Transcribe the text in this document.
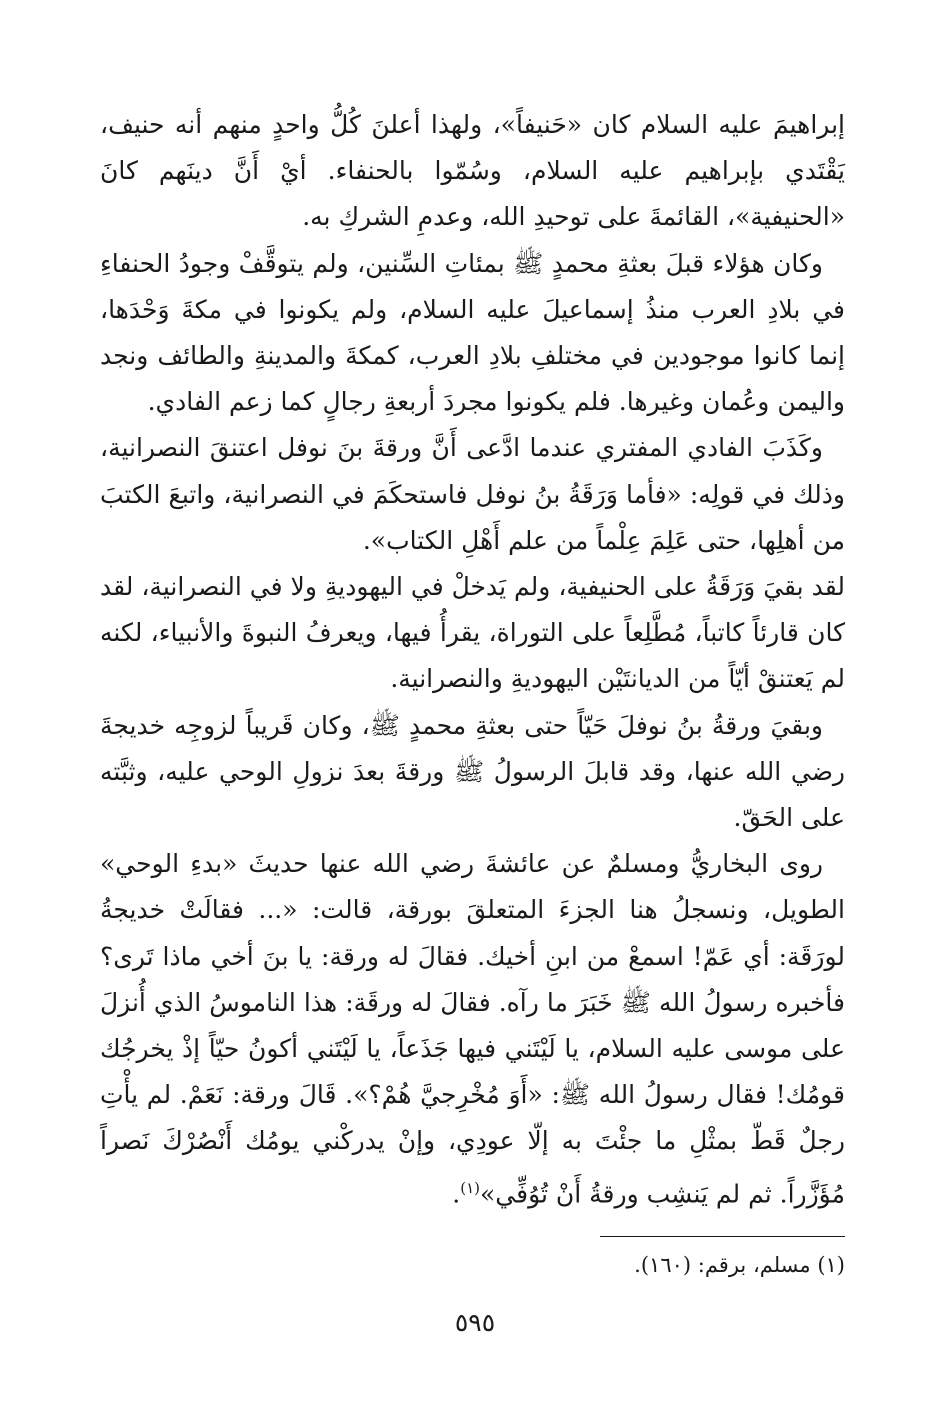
إبراهيمَ عليه السلام كان «حَنيفاً»، ولهذا أعلنَ كُلُّ واحدٍ منهم أنه حنيف، يَقْتَدي بإبراهيم عليه السلام، وسُمّوا بالحنفاء. أيْ أَنَّ دينَهم كانَ «الحنيفية»، القائمةَ على توحيدِ الله، وعدمِ الشركِ به.

وكان هؤلاء قبلَ بعثةِ محمدٍ ﷺ بمئاتِ السِّنين، ولم يتوقَّفْ وجودُ الحنفاءِ في بلادِ العرب منذُ إسماعيلَ عليه السلام، ولم يكونوا في مكةَ وَحْدَها، إنما كانوا موجودين في مختلفِ بلادِ العرب، كمكةَ والمدينةِ والطائف ونجد واليمن وعُمان وغيرها. فلم يكونوا مجردَ أربعةِ رجالٍ كما زعم الفادي.

وكَذَبَ الفادي المفتري عندما ادَّعى أَنَّ ورقةَ بنَ نوفل اعتنقَ النصرانية، وذلك في قولِه: «فأما وَرَقَةُ بنُ نوفل فاستحكَمَ في النصرانية، واتبعَ الكتبَ من أهلِها، حتى عَلِمَ عِلْماً من علم أَهْلِ الكتاب».

لقد بقيَ وَرَقَةُ على الحنيفية، ولم يَدخلْ في اليهوديةِ ولا في النصرانية، لقد كان قارئاً كاتباً، مُطَّلِعاً على التوراة، يقرأُ فيها، ويعرفُ النبوةَ والأنبياء، لكنه لم يَعتنقْ أيّاً من الديانتَيْن اليهوديةِ والنصرانية.

وبقيَ ورقةُ بنُ نوفلَ حَيّاً حتى بعثةِ محمدٍ ﷺ، وكان قَريباً لزوجِه خديجةَ رضي الله عنها، وقد قابلَ الرسولُ ﷺ ورقةَ بعدَ نزولِ الوحي عليه، وثبَّته على الحَقّ.

روى البخاريُّ ومسلمٌ عن عائشةَ رضي الله عنها حديثَ «بدءِ الوحي» الطويل، ونسجلُ هنا الجزءَ المتعلقَ بورقة، قالت: «... فقالَتْ خديجةُ لورَقَة: أي عَمّ! اسمعْ من ابنِ أخيك. فقالَ له ورقة: يا بنَ أخي ماذا تَرى؟ فأخبره رسولُ الله ﷺ خَبَرَ ما رآه. فقالَ له ورقَة: هذا الناموسُ الذي أُنزلَ على موسى عليه السلام، يا لَيْتَني فيها جَذَعاً، يا لَيْتَني أكونُ حيّاً إذْ يخرجُك قومُك! فقال رسولُ الله ﷺ: «أَوَ مُخْرِجيَّ هُمْ؟». قَالَ ورقة: نَعَمْ. لم يأْتِ رجلٌ قَطّ بمثْلِ ما جئْتَ به إلّا عودِي، وإنْ يدركْني يومُك أَنْصُرْكَ نَصراً مُؤَزَّراً. ثم لم يَنشِب ورقةُ أَنْ تُوُفِّي»$^{(١)}$.

(١) مسلم، برقم: (١٦٠).
٥٩٥
